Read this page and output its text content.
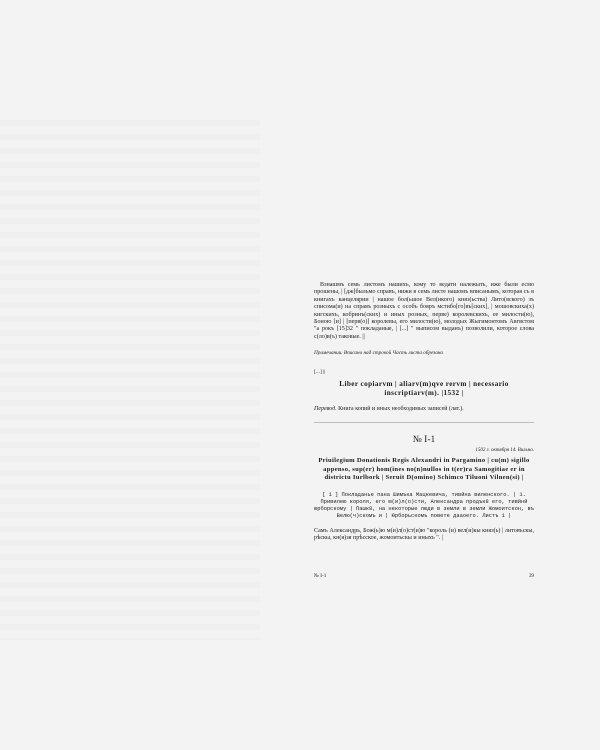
Взнашмъ семь листомъ нашихъ, кому то ведати належыть, иже были есмо прошены, | [дж]быльмо справъ, нижи в семь листе нашомъ вписанымъ, которая съ в книгахъ канцелярии | нашое бол(ьшое Вел(икого) княз(ьства) Лито(вского) зъ списома(и) на справъ розныхъ с особъ бояръ мстибо[го]въ[ских], | мошовскиха(х) кигскихъ, кобринъ(ских) и иных розных, перве) королевскихъ, ее милости(ю), Боною [и] | [перв(о)] королевы, его милости(ю), молодых Жыгимонтомъ Авгвстом "а рокъ [15]32 " покладаные, | [...] " выписом выданъ) позволили, которое слова с(ло)в(ъ) таковые. ||

Примечании. Вписано над строкой Часть листа обрезана

[...] ||

Liber copiarvm | aliarv(m)qve rervm | necessario inscriptiarv(m). |1532 |

Перевод. Книга копий и иных необходимых записей (лат.).

№ I-1

1502 г. октября 14. Вильно.

Priuilegium Donationis Regis Alexandri in Pargamino | cu(m) sigillo appenso, sup(er) hom(ines no(n)nullos in t(er)ra Samogitiae er in districtu Iurlbork | Seruit D(omino) Schimco Tiluoni Vilnen(si) |

[ 1 ] Покладанье пана Шимъка Мацкевича, тивйна виленского. | 1. Привилею короля, его м(и)л(о)сти, Александра продък8 его, тивйнй юрборскому | Пашк8, на некоторые люди в земли в земли Жомоитскон, въ Велю(ч)скомъ и | Юрборьскомъ повете дааоего. Листъ 1 |

Самъ Александрь, Бож(ь)ю м(и)л(о)ст(и)ю "король (и) вел(и)кы княз(ь) | литовъскы, рѣскы, кн(я)зя прѣсское, жомоитьскы и иныхъ ". |

№ I-1	39
